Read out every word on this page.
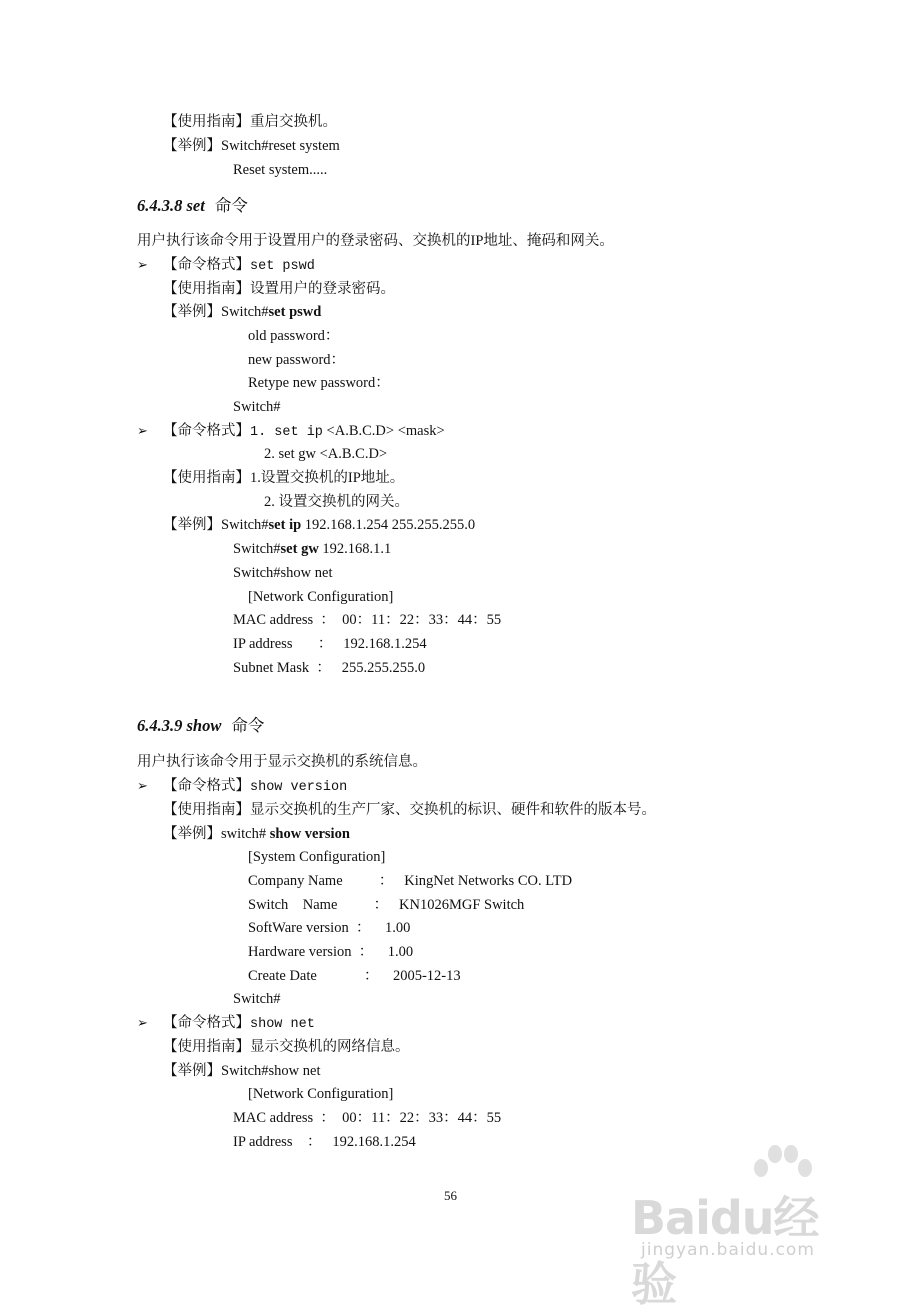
【使用指南】重启交换机。
【举例】Switch#reset system
Reset system.....
6.4.3.8 set 命令
用户执行该命令用于设置用户的登录密码、交换机的IP地址、掩码和网关。
➢ 【命令格式】set pswd
【使用指南】设置用户的登录密码。
【举例】Switch#set pswd
old password：
new password：
Retype new password：
Switch#
➢ 【命令格式】1. set ip <A.B.C.D> <mask>
2. set gw <A.B.C.D>
【使用指南】1.设置交换机的IP地址。
2. 设置交换机的网关。
【举例】Switch#set ip 192.168.1.254 255.255.255.0
Switch#set gw 192.168.1.1
Switch#show net
[Network Configuration]
MAC address  ：  00：11：22：33：44：55
IP address       ：   192.168.1.254
Subnet Mask  ：   255.255.255.0
6.4.3.9 show 命令
用户执行该命令用于显示交换机的系统信息。
➢ 【命令格式】show version
【使用指南】显示交换机的生产厂家、交换机的标识、硬件和软件的版本号。
【举例】switch# show version
[System Configuration]
Company Name          ：   KingNet Networks CO. LTD
Switch    Name          ：   KN1026MGF Switch
SoftWare version  ：    1.00
Hardware version  ：    1.00
Create Date             ：    2005-12-13
Switch#
➢ 【命令格式】show net
【使用指南】显示交换机的网络信息。
【举例】Switch#show net
[Network Configuration]
MAC address  ：  00：11：22：33：44：55
IP address    ：   192.168.1.254
56	Baidu经验
jingyan.baidu.com
